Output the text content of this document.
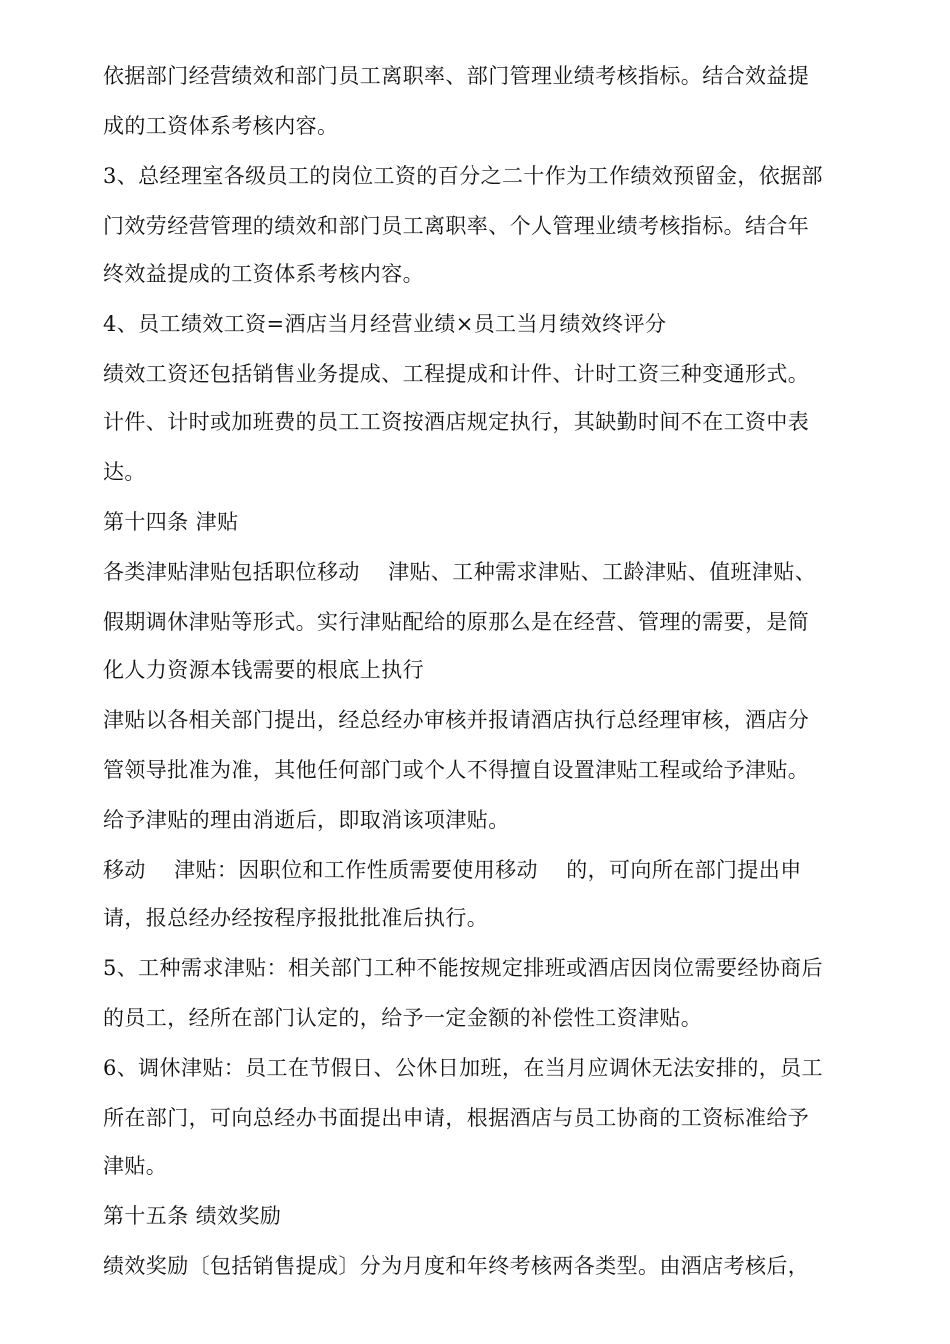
依据部门经营绩效和部门员工离职率、部门管理业绩考核指标。结合效益提
成的工资体系考核内容。
3、总经理室各级员工的岗位工资的百分之二十作为工作绩效预留金，依据部
门效劳经营管理的绩效和部门员工离职率、个人管理业绩考核指标。结合年
终效益提成的工资体系考核内容。
4、员工绩效工资=酒店当月经营业绩×员工当月绩效终评分
绩效工资还包括销售业务提成、工程提成和计件、计时工资三种变通形式。
计件、计时或加班费的员工工资按酒店规定执行，其缺勤时间不在工资中表
达。
第十四条 津贴
各类津贴津贴包括职位移动    津贴、工种需求津贴、工龄津贴、值班津贴、
假期调休津贴等形式。实行津贴配给的原那么是在经营、管理的需要，是简
化人力资源本钱需要的根底上执行
津贴以各相关部门提出，经总经办审核并报请酒店执行总经理审核，酒店分
管领导批准为准，其他任何部门或个人不得擅自设置津贴工程或给予津贴。
给予津贴的理由消逝后，即取消该项津贴。
移动    津贴：因职位和工作性质需要使用移动    的，可向所在部门提出申
请，报总经办经按程序报批批准后执行。
5、工种需求津贴：相关部门工种不能按规定排班或酒店因岗位需要经协商后
的员工，经所在部门认定的，给予一定金额的补偿性工资津贴。
6、调休津贴：员工在节假日、公休日加班，在当月应调休无法安排的，员工
所在部门，可向总经办书面提出申请，根据酒店与员工协商的工资标准给予
津贴。
第十五条 绩效奖励
绩效奖励〔包括销售提成〕分为月度和年终考核两各类型。由酒店考核后，
